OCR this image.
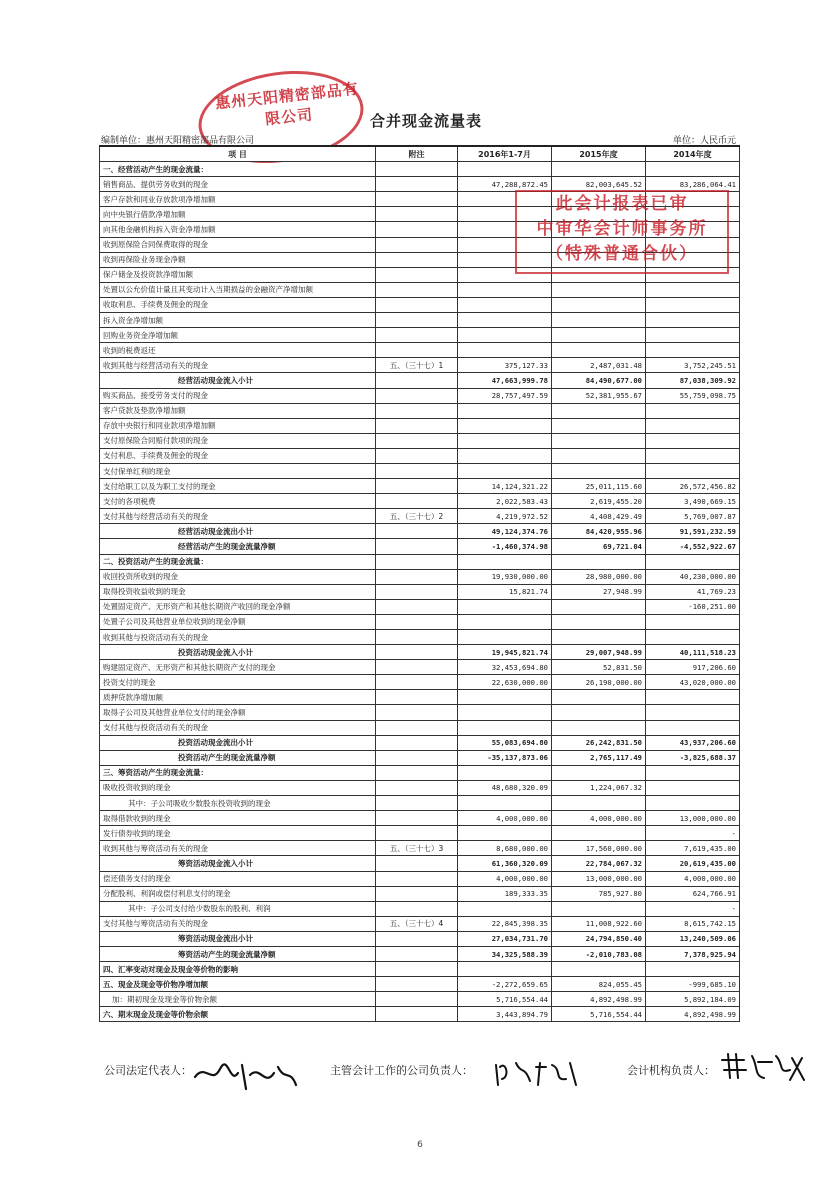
惠州天阳精密部品有限公司	合并现金流量表
编制单位：惠州天阳精密部品有限公司	单位：人民币元
项 目	附注	2016年1-7月	2015年度	2014年度
一、经营活动产生的现金流量：				
销售商品、提供劳务收到的现金		47,288,872.45	82,003,645.52	83,286,064.41
客户存款和同业存放款项净增加额				
向中央银行借款净增加额				
向其他金融机构拆入资金净增加额				
收到原保险合同保费取得的现金				
收到再保险业务现金净额				
保户储金及投资款净增加额				
处置以公允价值计量且其变动计入当期损益的金融资产净增加额				
收取利息、手续费及佣金的现金				
拆入资金净增加额				
回购业务资金净增加额				
收到的税费返还				
收到其他与经营活动有关的现金	五、（三十七）1	375,127.33	2,487,031.48	3,752,245.51
经营活动现金流入小计		47,663,999.78	84,490,677.00	87,038,309.92
购买商品、接受劳务支付的现金		28,757,497.59	52,381,955.67	55,759,098.75
客户贷款及垫款净增加额				
存放中央银行和同业款项净增加额				
支付原保险合同赔付款项的现金				
支付利息、手续费及佣金的现金				
支付保单红利的现金				
支付给职工以及为职工支付的现金		14,124,321.22	25,011,115.60	26,572,456.82
支付的各项税费		2,022,583.43	2,619,455.20	3,490,669.15
支付其他与经营活动有关的现金	五、（三十七）2	4,219,972.52	4,408,429.49	5,769,007.87
经营活动现金流出小计		49,124,374.76	84,420,955.96	91,591,232.59
经营活动产生的现金流量净额		-1,460,374.98	69,721.04	-4,552,922.67
二、投资活动产生的现金流量：				
收回投资所收到的现金		19,930,000.00	28,980,000.00	40,230,000.00
取得投资收益收到的现金		15,821.74	27,948.99	41,769.23
处置固定资产、无形资产和其他长期资产收回的现金净额				-160,251.00
处置子公司及其他营业单位收到的现金净额				
收到其他与投资活动有关的现金				
投资活动现金流入小计		19,945,821.74	29,007,948.99	40,111,518.23
购建固定资产、无形资产和其他长期资产支付的现金		32,453,694.80	52,831.50	917,206.60
投资支付的现金		22,630,000.00	26,190,000.00	43,020,000.00
质押贷款净增加额				
取得子公司及其他营业单位支付的现金净额				
支付其他与投资活动有关的现金				
投资活动现金流出小计		55,083,694.80	26,242,831.50	43,937,206.60
投资活动产生的现金流量净额		-35,137,873.06	2,765,117.49	-3,825,688.37
三、筹资活动产生的现金流量：				
吸收投资收到的现金		48,680,320.09	1,224,067.32	
其中：子公司吸收少数股东投资收到的现金				
取得借款收到的现金		4,000,000.00	4,000,000.00	13,000,000.00
发行债券收到的现金				-
收到其他与筹资活动有关的现金	五、（三十七）3	8,680,000.00	17,560,000.00	7,619,435.00
筹资活动现金流入小计		61,360,320.09	22,784,067.32	20,619,435.00
偿还债务支付的现金		4,000,000.00	13,000,000.00	4,000,000.00
分配股利、利润或偿付利息支付的现金		189,333.35	785,927.80	624,766.91
其中：子公司支付给少数股东的股利、利润				-
支付其他与筹资活动有关的现金	五、（三十七）4	22,845,398.35	11,008,922.60	8,615,742.15
筹资活动现金流出小计		27,034,731.70	24,794,850.40	13,240,509.06
筹资活动产生的现金流量净额		34,325,588.39	-2,010,783.08	7,378,925.94
四、汇率变动对现金及现金等价物的影响				
五、现金及现金等价物净增加额		-2,272,659.65	824,055.45	-999,685.10
加：期初现金及现金等价物余额		5,716,554.44	4,892,498.99	5,892,184.09
六、期末现金及现金等价物余额		3,443,894.79	5,716,554.44	4,892,498.99
此会计报表已审
中审华会计师事务所
（特殊普通合伙）
公司法定代表人：	主管会计工作的公司负责人：	会计机构负责人：
6
